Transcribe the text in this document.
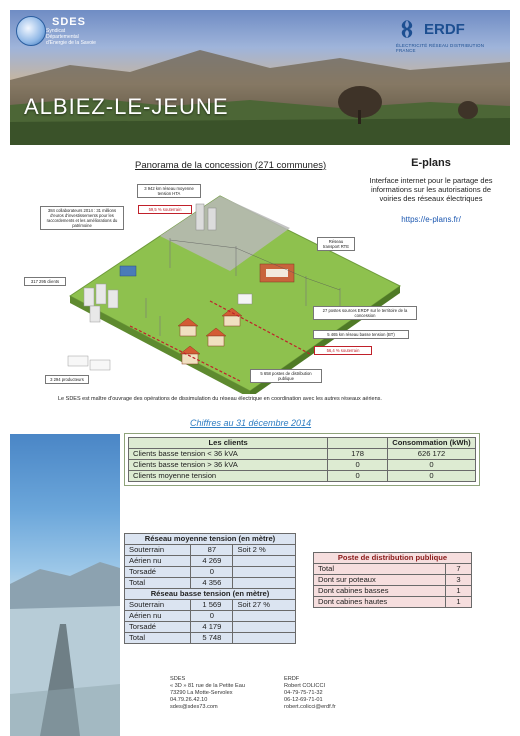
SDES
Syndicat
Départemental
d'Energie de la Savoie
ERDF
ÉLECTRICITÉ RÉSEAU DISTRIBUTION FRANCE
ALBIEZ-LE-JEUNE
Panorama de la concession (271 communes)
3 942 km réseau moyenne tension HTA
59,5 % souterrain
384 collaborateurs 2014 : 31 millions d'euros d'investissements pour les raccordements et les améliorations du patrimoine
Réseau transport RTE
317 295 clients
27 postes sources ERDF sur le territoire de la concession
5 465 km réseau basse tension (BT)
56,4 % souterrain
3 294 producteurs
5 658 postes de distribution publique
Le SDES est maître d'ouvrage des opérations de dissimulation du réseau électrique en coordination avec les autres réseaux aériens.
E-plans
Interface internet pour le partage des informations sur les autorisations de voiries des réseaux électriques
https://e-plans.fr/
Chiffres au 31 décembre 2014
Les clients		Consommation (kWh)
Clients basse tension < 36 kVA	178	626 172
Clients basse tension > 36 kVA	0	0
Clients moyenne tension	0	0
Réseau moyenne tension (en mètre)		
Souterrain	87	Soit 2 %
Aérien nu	4 269	
Torsadé	0	
Total	4 356	
Réseau basse tension (en mètre)		
Souterrain	1 569	Soit 27 %
Aérien nu	0	
Torsadé	4 179	
Total	5 748	
Poste de distribution publique	
Total	7
Dont sur poteaux	3
Dont cabines basses	1
Dont cabines hautes	1
SDES
« 3D » 81 rue de la Petite Eau
73290 La Motte-Servolex
04.79.26.42.10
sdes@sdes73.com
ERDF
Robert COLICCI
04-79-75-71-32
06-12-69-71-01
robert.colicci@erdf.fr
